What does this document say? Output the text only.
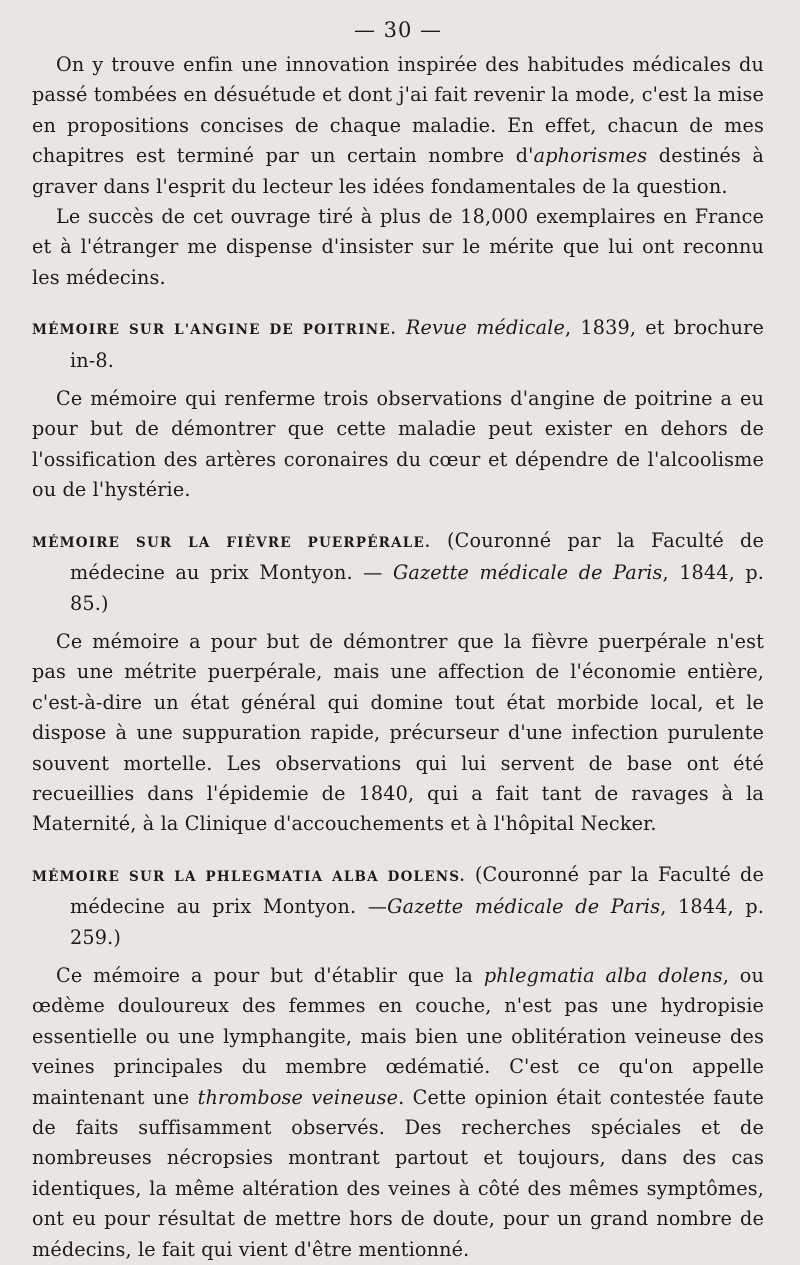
— 30 —

On y trouve enfin une innovation inspirée des habitudes médicales du passé tombées en désuétude et dont j'ai fait revenir la mode, c'est la mise en propositions concises de chaque maladie. En effet, chacun de mes chapitres est terminé par un certain nombre d'aphorismes destinés à graver dans l'esprit du lecteur les idées fondamentales de la question.

Le succès de cet ouvrage tiré à plus de 18,000 exemplaires en France et à l'étranger me dispense d'insister sur le mérite que lui ont reconnu les médecins.

MÉMOIRE SUR L'ANGINE DE POITRINE. Revue médicale, 1839, et brochure in-8.

Ce mémoire qui renferme trois observations d'angine de poitrine a eu pour but de démontrer que cette maladie peut exister en dehors de l'ossification des artères coronaires du cœur et dépendre de l'alcoolisme ou de l'hystérie.

MÉMOIRE SUR LA FIÈVRE PUERPÉRALE. (Couronné par la Faculté de médecine au prix Montyon. — Gazette médicale de Paris, 1844, p. 85.)

Ce mémoire a pour but de démontrer que la fièvre puerpérale n'est pas une métrite puerpérale, mais une affection de l'économie entière, c'est-à-dire un état général qui domine tout état morbide local, et le dispose à une suppuration rapide, précurseur d'une infection purulente souvent mortelle. Les observations qui lui servent de base ont été recueillies dans l'épidemie de 1840, qui a fait tant de ravages à la Maternité, à la Clinique d'accouchements et à l'hôpital Necker.

MÉMOIRE SUR LA PHLEGMATIA ALBA DOLENS. (Couronné par la Faculté de médecine au prix Montyon. —Gazette médicale de Paris, 1844, p. 259.)

Ce mémoire a pour but d'établir que la phlegmatia alba dolens, ou œdème douloureux des femmes en couche, n'est pas une hydropisie essentielle ou une lymphangite, mais bien une oblitération veineuse des veines principales du membre œdématié. C'est ce qu'on appelle maintenant une thrombose veineuse. Cette opinion était contestée faute de faits suffisamment observés. Des recherches spéciales et de nombreuses nécropsies montrant partout et toujours, dans des cas identiques, la même altération des veines à côté des mêmes symptômes, ont eu pour résultat de mettre hors de doute, pour un grand nombre de médecins, le fait qui vient d'être mentionné.
